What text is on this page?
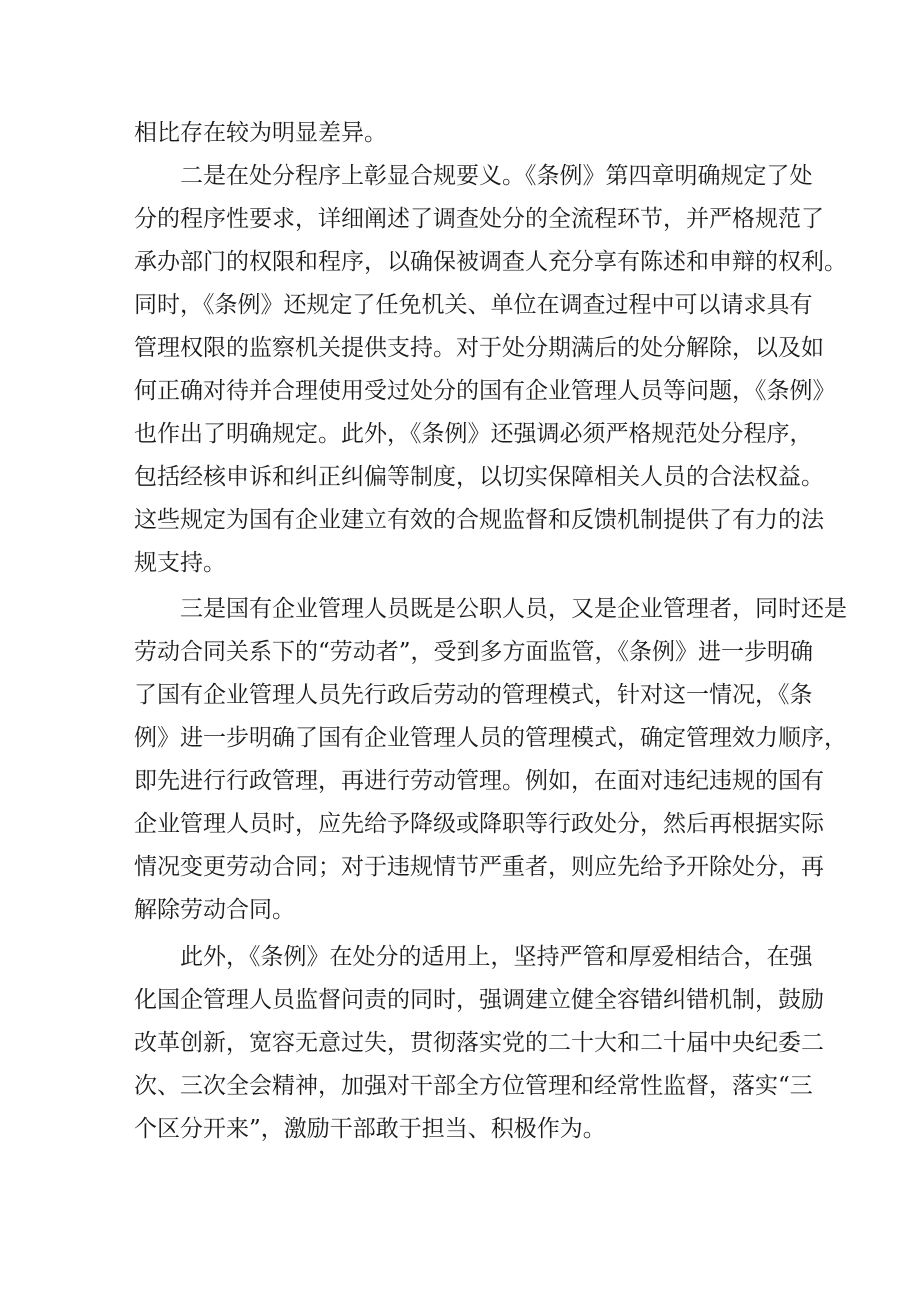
相比存在较为明显差异。
二是在处分程序上彰显合规要义。《条例》第四章明确规定了处
分的程序性要求，详细阐述了调查处分的全流程环节，并严格规范了
承办部门的权限和程序，以确保被调查人充分享有陈述和申辩的权利。
同时，《条例》还规定了任免机关、单位在调查过程中可以请求具有
管理权限的监察机关提供支持。对于处分期满后的处分解除，以及如
何正确对待并合理使用受过处分的国有企业管理人员等问题，《条例》
也作出了明确规定。此外，《条例》还强调必须严格规范处分程序，
包括经核申诉和纠正纠偏等制度，以切实保障相关人员的合法权益。
这些规定为国有企业建立有效的合规监督和反馈机制提供了有力的法
规支持。
三是国有企业管理人员既是公职人员，又是企业管理者，同时还是
劳动合同关系下的“劳动者”，受到多方面监管，《条例》进一步明确
了国有企业管理人员先行政后劳动的管理模式，针对这一情况，《条
例》进一步明确了国有企业管理人员的管理模式，确定管理效力顺序，
即先进行行政管理，再进行劳动管理。例如，在面对违纪违规的国有
企业管理人员时，应先给予降级或降职等行政处分，然后再根据实际
情况变更劳动合同；对于违规情节严重者，则应先给予开除处分，再
解除劳动合同。
此外，《条例》在处分的适用上，坚持严管和厚爱相结合，在强
化国企管理人员监督问责的同时，强调建立健全容错纠错机制，鼓励
改革创新，宽容无意过失，贯彻落实党的二十大和二十届中央纪委二
次、三次全会精神，加强对干部全方位管理和经常性监督，落实“三
个区分开来”，激励干部敢于担当、积极作为。
